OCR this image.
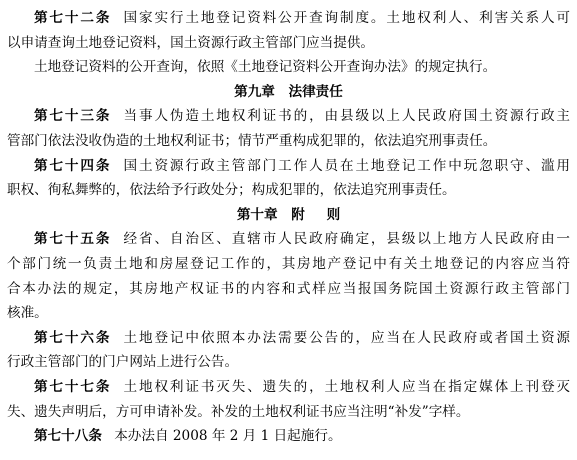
第七十二条 国家实行土地登记资料公开查询制度。土地权利人、利害关系人可
以申请查询土地登记资料，国土资源行政主管部门应当提供。
土地登记资料的公开查询，依照《土地登记资料公开查询办法》的规定执行。
第九章 法律责任
第七十三条 当事人伪造土地权利证书的，由县级以上人民政府国土资源行政主
管部门依法没收伪造的土地权利证书；情节严重构成犯罪的，依法追究刑事责任。
第七十四条 国土资源行政主管部门工作人员在土地登记工作中玩忽职守、滥用
职权、徇私舞弊的，依法给予行政处分；构成犯罪的，依法追究刑事责任。
第十章 附 则
第七十五条 经省、自治区、直辖市人民政府确定，县级以上地方人民政府由一
个部门统一负责土地和房屋登记工作的，其房地产登记中有关土地登记的内容应当符
合本办法的规定，其房地产权证书的内容和式样应当报国务院国土资源行政主管部门
核准。
第七十六条 土地登记中依照本办法需要公告的，应当在人民政府或者国土资源
行政主管部门的门户网站上进行公告。
第七十七条 土地权利证书灭失、遗失的，土地权利人应当在指定媒体上刊登灭
失、遗失声明后，方可申请补发。补发的土地权利证书应当注明“补发”字样。
第七十八条 本办法自 2008 年 2 月 1 日起施行。
